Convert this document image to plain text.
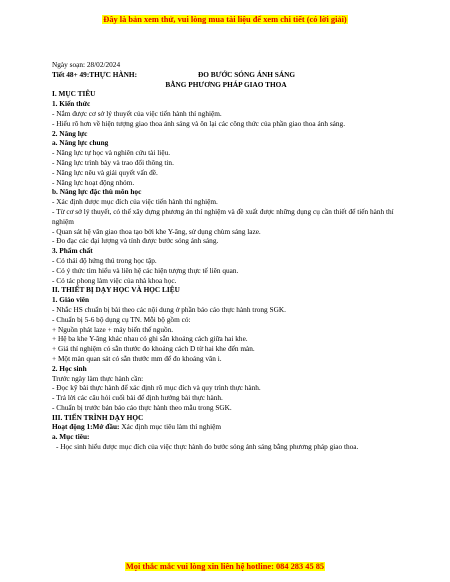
Đây là bản xem thử, vui lòng mua tài liệu để xem chi tiết (có lời giải)
Ngày soạn: 28/02/2024
Tiết 48+ 49:THỰC HÀNH:	ĐO BƯỚC SÓNG ÁNH SÁNG
BẰNG PHƯƠNG PHÁP GIAO THOA
I. MỤC TIÊU
1. Kiến thức
- Nắm được cơ sở lý thuyết của việc tiến hành thí nghiệm.
- Hiểu rõ hơn về hiện tượng giao thoa ánh sáng và ôn lại các công thức của phần giao thoa ánh sáng.
2. Năng lực
a. Năng lực chung
- Năng lực tự học và nghiên cứu tài liệu.
- Năng lực trình bày và trao đổi thông tin.
- Năng lực nêu và giải quyết vấn đề.
- Năng lực hoạt động nhóm.
b. Năng lực đặc thù môn học
- Xác định được mục đích của việc tiến hành thí nghiệm.
- Từ cơ sở lý thuyết, có thể xây dựng phương án thí nghiệm và đề xuất được những dụng cụ cần thiết để tiến hành thí nghiệm
- Quan sát hệ vân giao thoa tạo bởi khe Y-âng, sử dụng chùm sáng laze.
- Đo đạc các đại lượng và tính được bước sóng ánh sáng.
3. Phẩm chất
- Có thái độ hứng thú trong học tập.
- Có ý thức tìm hiểu và liên hệ các hiện tượng thực tế liên quan.
- Có tác phong làm việc của nhà khoa học.
II. THIẾT BỊ DẠY HỌC VÀ HỌC LIỆU
1. Giáo viên
- Nhắc HS chuẩn bị bài theo các nội dung ở phần báo cáo thực hành trong SGK.
- Chuẩn bị 5-6 bộ dụng cụ TN. Mỗi bộ gồm có:
+ Nguồn phát laze + máy biến thế nguồn.
+ Hệ ba khe Y-âng khác nhau có ghi sẵn khoảng cách giữa hai khe.
+ Giá thí nghiệm có sẵn thước đo khoảng cách D từ hai khe đến màn.
+ Một màn quan sát có sẵn thước mm để đo khoảng vân i.
2. Học sinh
Trước ngày làm thực hành cần:
- Đọc kỹ bài thực hành để xác định rõ mục đích và quy trình thực hành.
- Trả lời các câu hỏi cuối bài để định hướng bài thực hành.
- Chuẩn bị trước bản báo cáo thực hành theo mẫu trong SGK.
III. TIẾN TRÌNH DẠY HỌC
Hoạt động 1:Mở đầu: Xác định mục tiêu làm thí nghiệm
a. Mục tiêu:
- Học sinh hiểu được mục đích của việc thực hành đo bước sóng ánh sáng bằng phương pháp giao thoa.
Mọi thắc mắc vui lòng xin liên hệ hotline: 084 283 45 85
